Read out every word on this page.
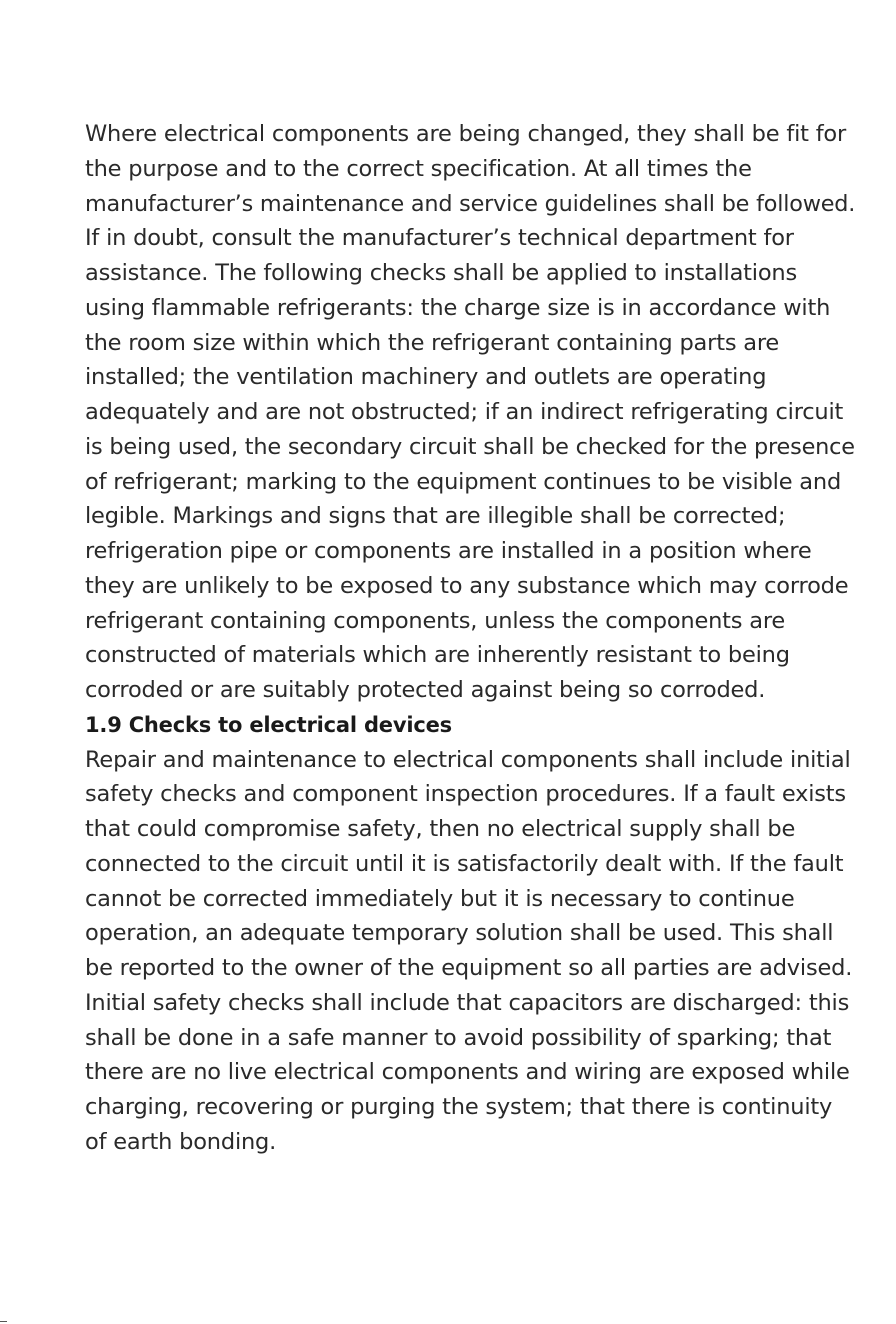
Where electrical components are being changed, they shall be fit for
the purpose and to the correct specification. At all times the
manufacturer’s maintenance and service guidelines shall be followed.
If in doubt, consult the manufacturer’s technical department for
assistance. The following checks shall be applied to installations
using flammable refrigerants: the charge size is in accordance with
the room size within which the refrigerant containing parts are
installed; the ventilation machinery and outlets are operating
adequately and are not obstructed; if an indirect refrigerating circuit
is being used, the secondary circuit shall be checked for the presence
of refrigerant; marking to the equipment continues to be visible and
legible. Markings and signs that are illegible shall be corrected;
refrigeration pipe or components are installed in a position where
they are unlikely to be exposed to any substance which may corrode
refrigerant containing components, unless the components are
constructed of materials which are inherently resistant to being
corroded or are suitably protected against being so corroded.
1.9 Checks to electrical devices
Repair and maintenance to electrical components shall include initial
safety checks and component inspection procedures. If a fault exists
that could compromise safety, then no electrical supply shall be
connected to the circuit until it is satisfactorily dealt with. If the fault
cannot be corrected immediately but it is necessary to continue
operation, an adequate temporary solution shall be used. This shall
be reported to the owner of the equipment so all parties are advised.
Initial safety checks shall include that capacitors are discharged: this
shall be done in a safe manner to avoid possibility of sparking; that
there are no live electrical components and wiring are exposed while
charging, recovering or purging the system; that there is continuity
of earth bonding.
